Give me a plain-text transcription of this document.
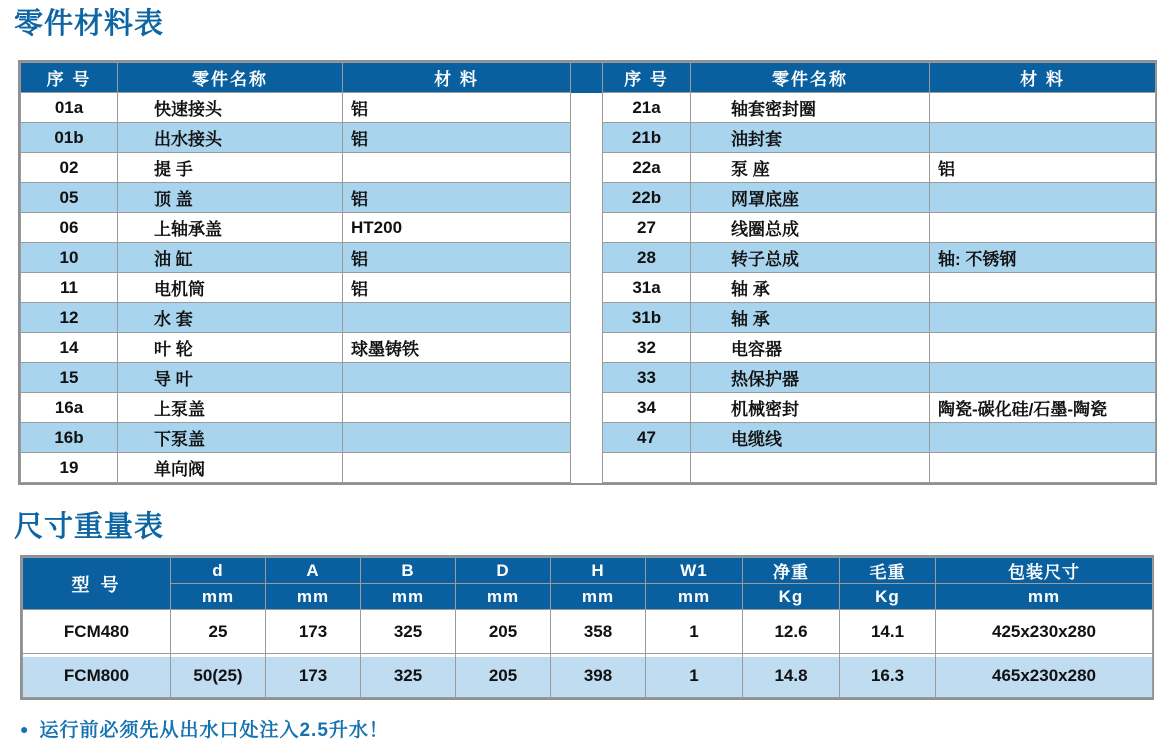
零件材料表
序 号	零件名称	材 料		序 号	零件名称	材 料
01a	快速接头	铝		21a	轴套密封圈	
01b	出水接头	铝		21b	油封套	
02	提 手			22a	泵 座	铝
05	顶 盖	铝		22b	网罩底座	
06	上轴承盖	HT200		27	线圈总成	
10	油 缸	铝		28	转子总成	轴: 不锈钢
11	电机筒	铝		31a	轴 承	
12	水 套			31b	轴 承	
14	叶 轮	球墨铸铁		32	电容器	
15	导 叶			33	热保护器	
16a	上泵盖			34	机械密封	陶瓷-碳化硅/石墨-陶瓷
16b	下泵盖			47	电缆线	
19	单向阀					
尺寸重量表
型 号	d	A	B	D	H	W1	净重	毛重	包装尺寸
	mm	mm	mm	mm	mm	mm	Kg	Kg	mm
FCM480	25	173	325	205	358	1	12.6	14.1	425x230x280
FCM800	50(25)	173	325	205	398	1	14.8	16.3	465x230x280
● 运行前必须先从出水口处注入2.5升水！
